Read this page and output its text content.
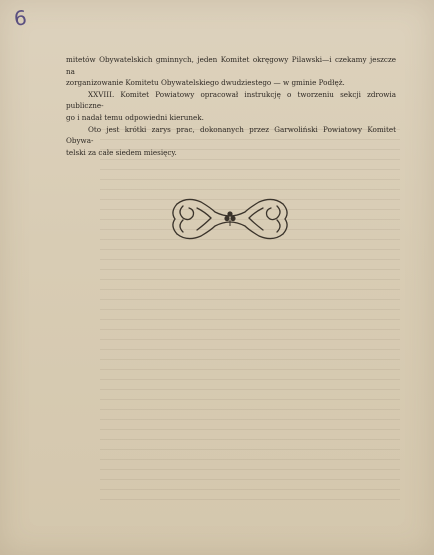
6

mitetów Obywatelskich gminnych, jeden Komitet okręgowy Pilawski—i czekamy jeszcze na
zorganizowanie Komitetu Obywatelskiego dwudziestego — w gminie Podłęż.

XXVIII. Komitet Powiatowy opracował instrukcję o tworzeniu sekcji zdrowia publiczne-
go i nadał temu odpowiedni kierunek.

Oto jest krótki zarys prac, dokonanych przez Garwoliński Powiatowy Komitet Obywa-
telski za całe siedem miesięcy.
